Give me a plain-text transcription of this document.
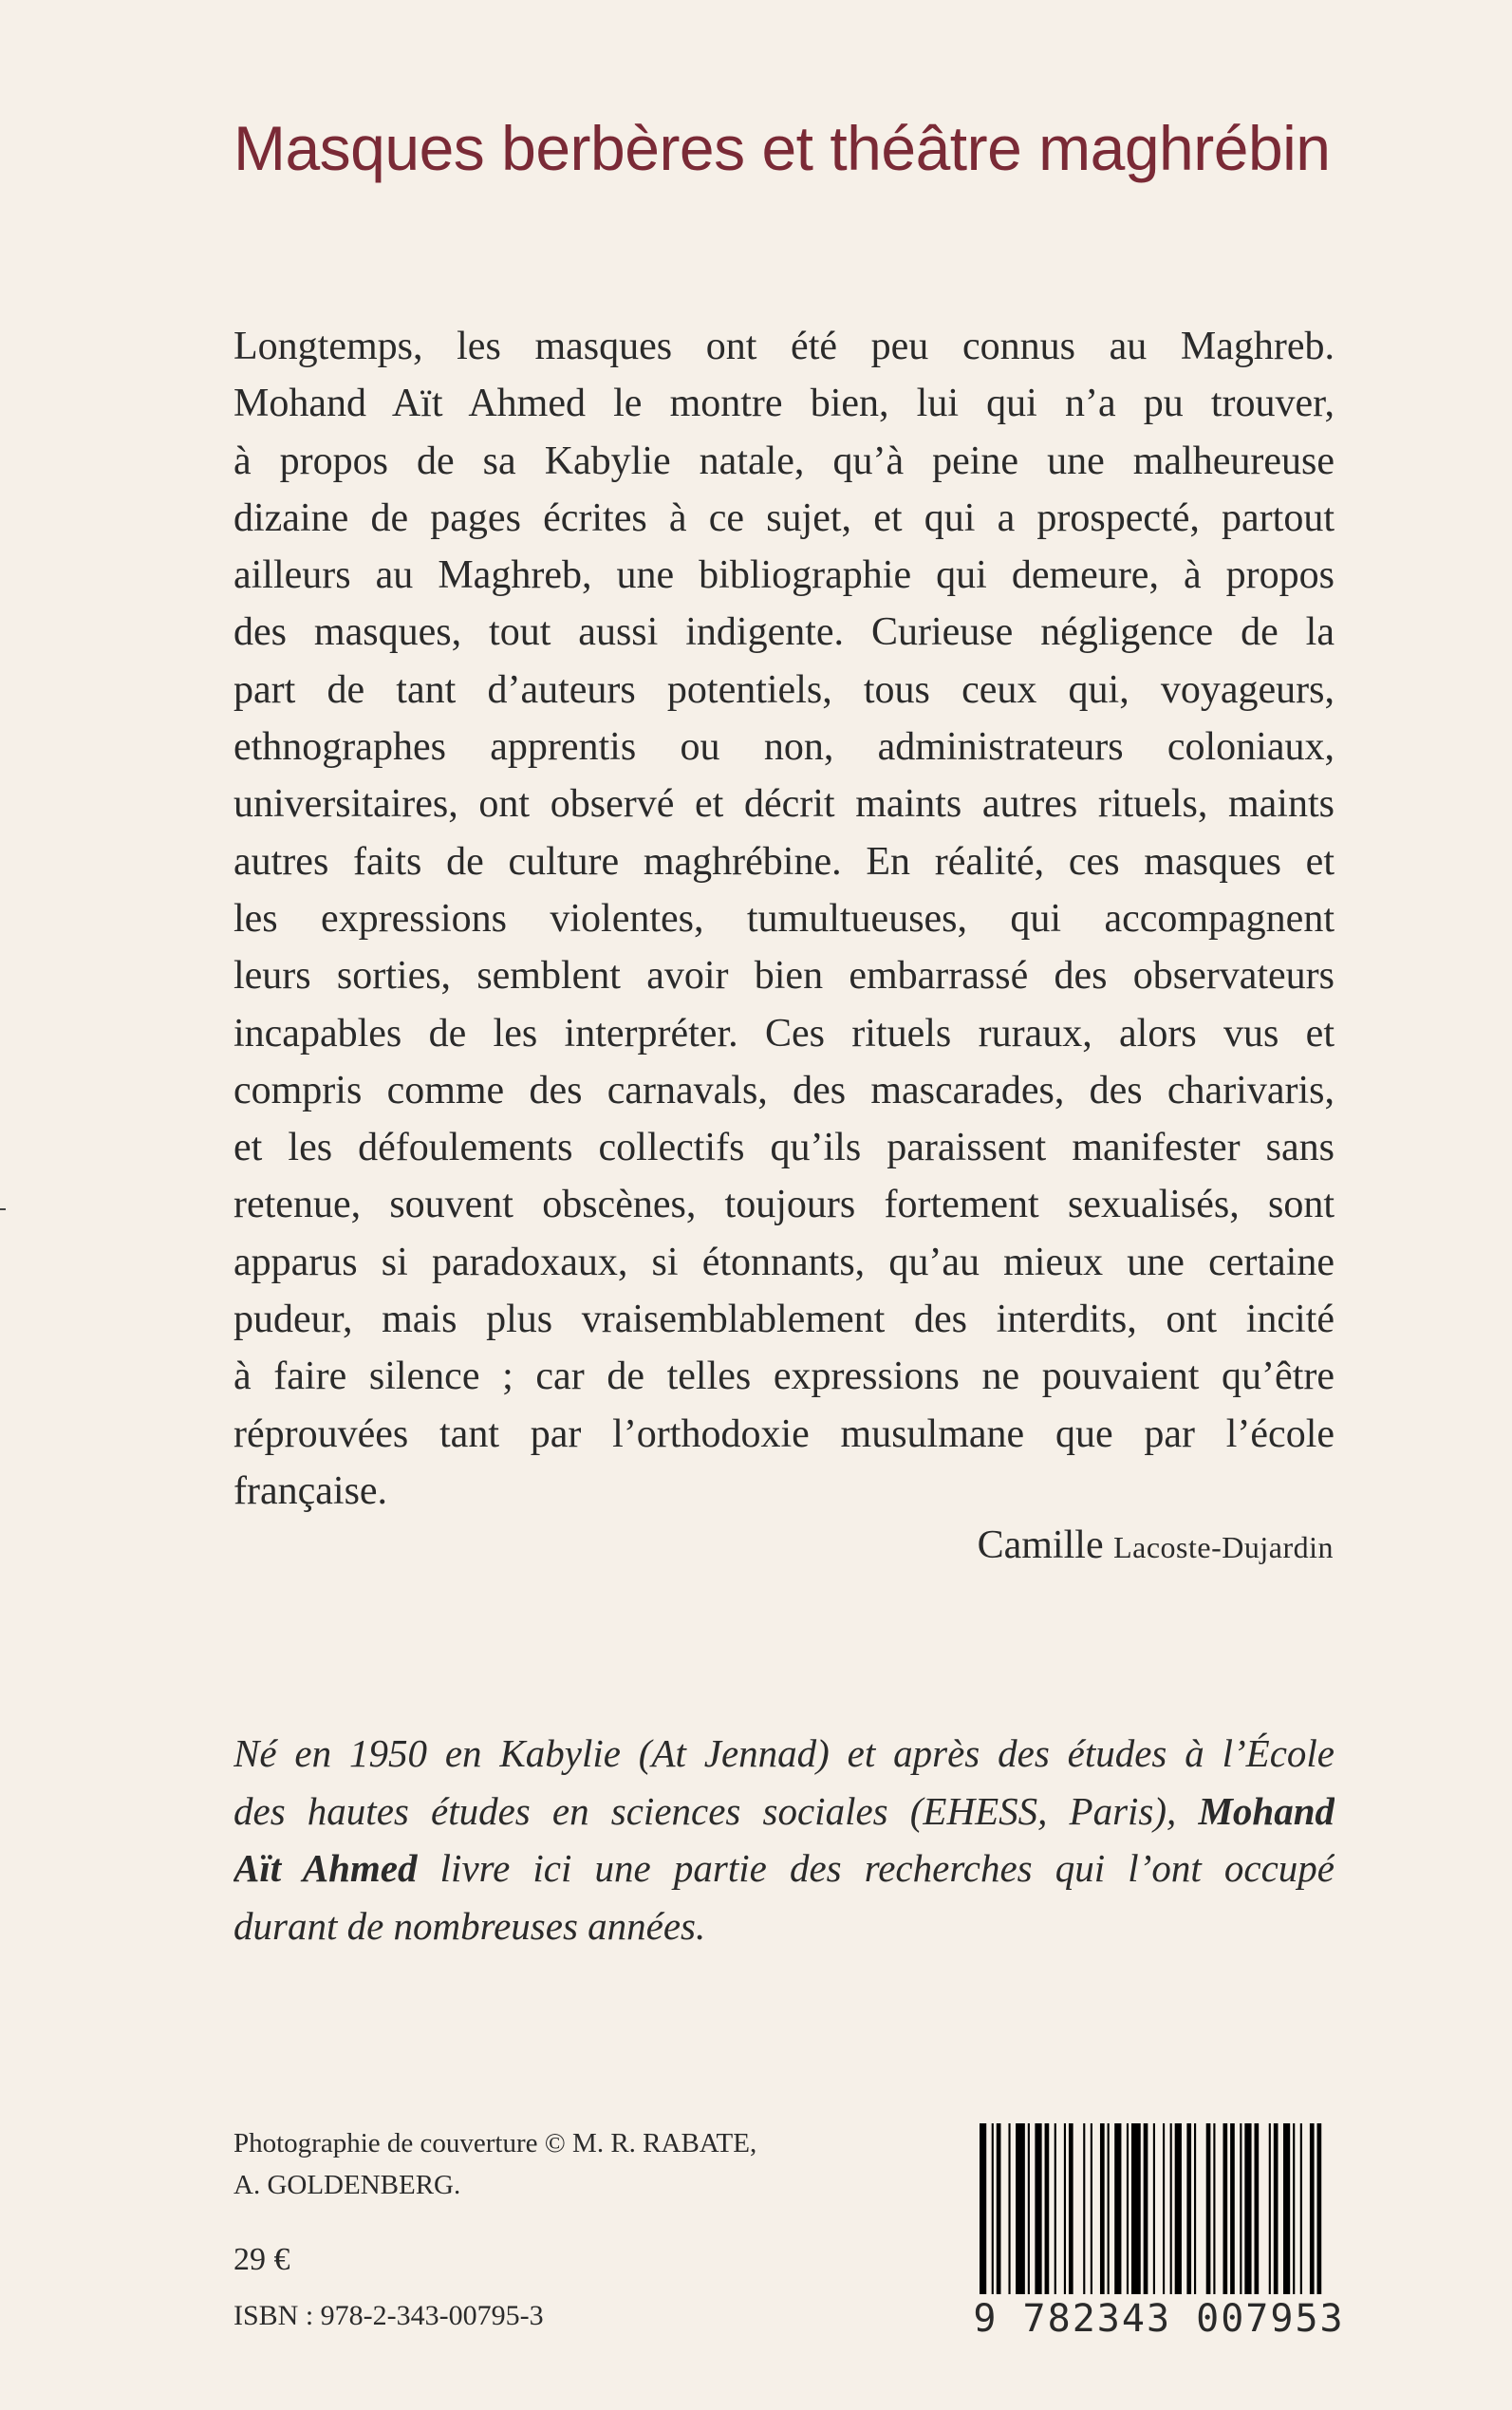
Masques berbères et théâtre maghrébin
Longtemps, les masques ont été peu connus au Maghreb.
Mohand Aït Ahmed le montre bien, lui qui n’a pu trouver,
à propos de sa Kabylie natale, qu’à peine une malheureuse
dizaine de pages écrites à ce sujet, et qui a prospecté, partout
ailleurs au Maghreb, une bibliographie qui demeure, à propos
des masques, tout aussi indigente. Curieuse négligence de la
part de tant d’auteurs potentiels, tous ceux qui, voyageurs,
ethnographes apprentis ou non, administrateurs coloniaux,
universitaires, ont observé et décrit maints autres rituels, maints
autres faits de culture maghrébine. En réalité, ces masques et
les expressions violentes, tumultueuses, qui accompagnent
leurs sorties, semblent avoir bien embarrassé des observateurs
incapables de les interpréter. Ces rituels ruraux, alors vus et
compris comme des carnavals, des mascarades, des charivaris,
et les défoulements collectifs qu’ils paraissent manifester sans
retenue, souvent obscènes, toujours fortement sexualisés, sont
apparus si paradoxaux, si étonnants, qu’au mieux une certaine
pudeur, mais plus vraisemblablement des interdits, ont incité
à faire silence ; car de telles expressions ne pouvaient qu’être
réprouvées tant par l’orthodoxie musulmane que par l’école
française.
Camille Lacoste-Dujardin
Né en 1950 en Kabylie (At Jennad) et après des études à l’École
des hautes études en sciences sociales (EHESS, Paris), Mohand
Aït Ahmed livre ici une partie des recherches qui l’ont occupé
durant de nombreuses années.
Photographie de couverture © M. R. RABATE,
A. GOLDENBERG.
29 €
ISBN : 978-2-343-00795-3	9 782343 007953
